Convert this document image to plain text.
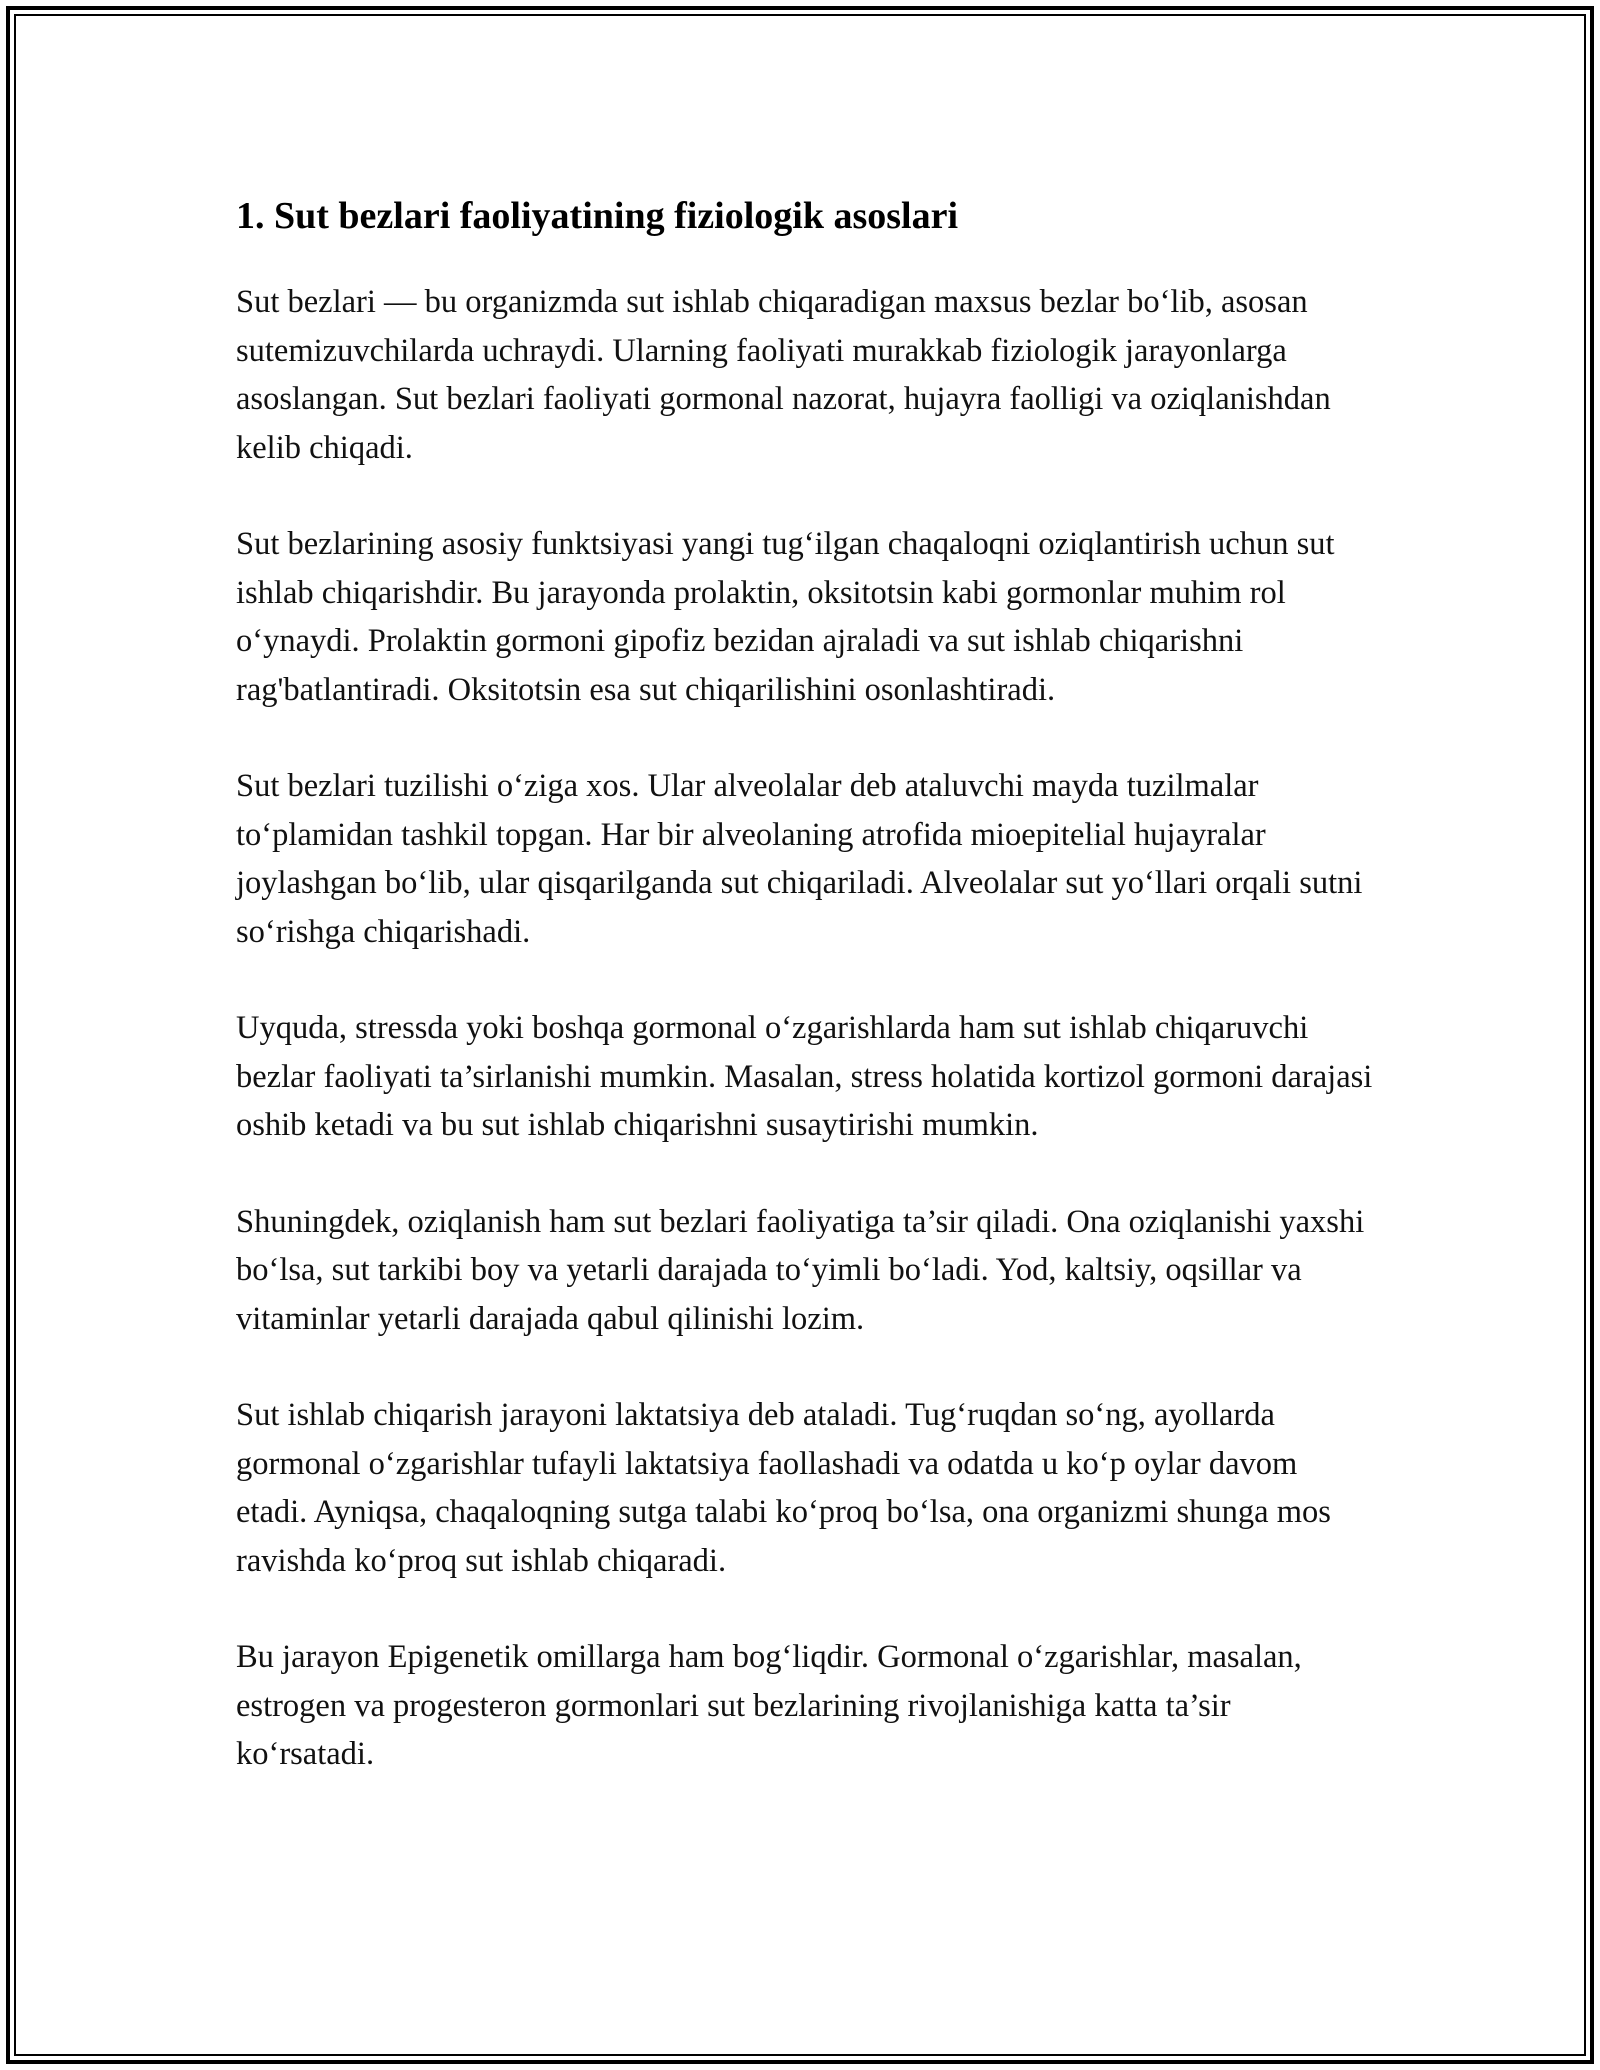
1. Sut bezlari faoliyatining fiziologik asoslari

Sut bezlari — bu organizmda sut ishlab chiqaradigan maxsus bezlar bo‘lib, asosan sutemizuvchilarda uchraydi. Ularning faoliyati murakkab fiziologik jarayonlarga asoslangan. Sut bezlari faoliyati gormonal nazorat, hujayra faolligi va oziqlanishdan kelib chiqadi.

Sut bezlarining asosiy funktsiyasi yangi tug‘ilgan chaqaloqni oziqlantirish uchun sut ishlab chiqarishdir. Bu jarayonda prolaktin, oksitotsin kabi gormonlar muhim rol o‘ynaydi. Prolaktin gormoni gipofiz bezidan ajraladi va sut ishlab chiqarishni rag'batlantiradi. Oksitotsin esa sut chiqarilishini osonlashtiradi.

Sut bezlari tuzilishi o‘ziga xos. Ular alveolalar deb ataluvchi mayda tuzilmalar to‘plamidan tashkil topgan. Har bir alveolaning atrofida mioepitelial hujayralar joylashgan bo‘lib, ular qisqarilganda sut chiqariladi. Alveolalar sut yo‘llari orqali sutni so‘rishga chiqarishadi.

Uyquda, stressda yoki boshqa gormonal o‘zgarishlarda ham sut ishlab chiqaruvchi bezlar faoliyati ta’sirlanishi mumkin. Masalan, stress holatida kortizol gormoni darajasi oshib ketadi va bu sut ishlab chiqarishni susaytirishi mumkin.

Shuningdek, oziqlanish ham sut bezlari faoliyatiga ta’sir qiladi. Ona oziqlanishi yaxshi bo‘lsa, sut tarkibi boy va yetarli darajada to‘yimli bo‘ladi. Yod, kaltsiy, oqsillar va vitaminlar yetarli darajada qabul qilinishi lozim.

Sut ishlab chiqarish jarayoni laktatsiya deb ataladi. Tug‘ruqdan so‘ng, ayollarda gormonal o‘zgarishlar tufayli laktatsiya faollashadi va odatda u ko‘p oylar davom etadi. Ayniqsa, chaqaloqning sutga talabi ko‘proq bo‘lsa, ona organizmi shunga mos ravishda ko‘proq sut ishlab chiqaradi.

Bu jarayon Epigenetik omillarga ham bog‘liqdir. Gormonal o‘zgarishlar, masalan, estrogen va progesteron gormonlari sut bezlarining rivojlanishiga katta ta’sir ko‘rsatadi.
